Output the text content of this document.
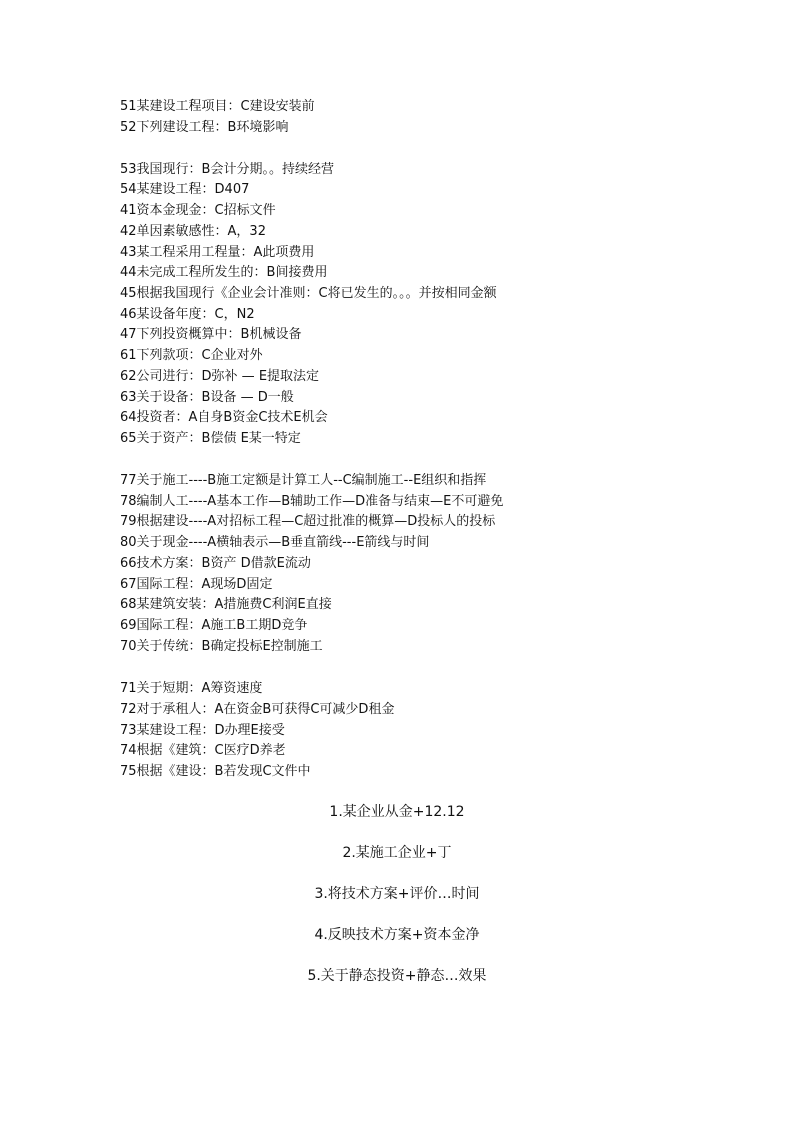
51某建设工程项目：C建设安装前
52下列建设工程：B环境影响
53我国现行：B会计分期。。持续经营
54某建设工程：D407
41资本金现金：C招标文件
42单因素敏感性：A，32
43某工程采用工程量：A此项费用
44未完成工程所发生的：B间接费用
45根据我国现行《企业会计准则：C将已发生的。。。并按相同金额
46某设备年度：C，N2
47下列投资概算中：B机械设备
61下列款项：C企业对外
62公司进行：D弥补 — E提取法定
63关于设备：B设备 — D一般
64投资者：A自身B资金C技术E机会
65关于资产：B偿债 E某一特定
77关于施工----B施工定额是计算工人--C编制施工--E组织和指挥
78编制人工----A基本工作—B辅助工作—D准备与结束—E不可避免
79根据建设----A对招标工程—C超过批准的概算—D投标人的投标
80关于现金----A横轴表示—B垂直箭线---E箭线与时间
66技术方案：B资产 D借款E流动
67国际工程：A现场D固定
68某建筑安装：A措施费C利润E直接
69国际工程：A施工B工期D竞争
70关于传统：B确定投标E控制施工
71关于短期：A筹资速度
72对于承租人：A在资金B可获得C可减少D租金
73某建设工程：D办理E接受
74根据《建筑：C医疗D养老
75根据《建设：B若发现C文件中
1.某企业从金+12.12
2.某施工企业+丁
3.将技术方案+评价…时间
4.反映技术方案+资本金净
5.关于静态投资+静态…效果
